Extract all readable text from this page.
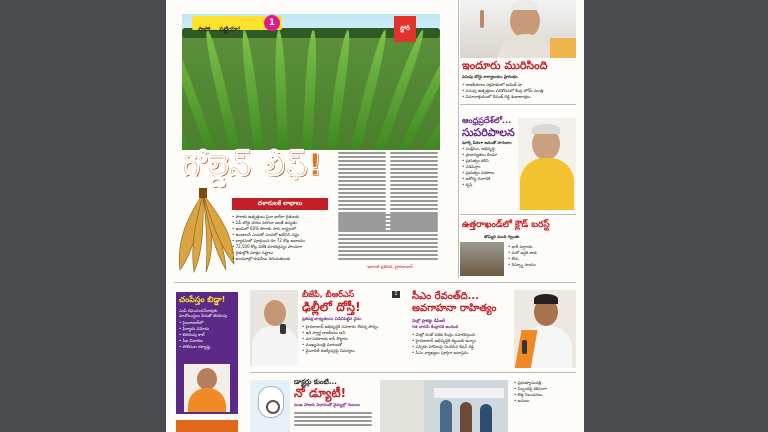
పాపో... పట్టియా!
1
స్టోరీ
గోల్డెన్ లీఫ్!
దళారులకే లాభాలు
• పొగాకు ఉత్పత్తులు పైనా భారీగా రైతులకు
• ఏపీ బోర్డు ధరలు పెరిగినా అంతే ఉన్నతం
• ఇందులో 60% పొగాకు సాగు రాష్ట్రంలో
• ఉండాలనే ఎందుకో ఎందుకో అదేనిని నష్టం
• బ్యారనులో పూర్తయిన రూ.72 కోట్ల ఆదాయం
• 72,500 కోట్ల విదేశీ మారకద్రవ్యం పొందుగా
• రైతుల్లోకి మాత్రం నష్టాలు
• అంచనాల్లో కంపెనీలు దిగుమతులకు
-ఇలాంటి ప్రతినిధి, హైదరాబాద్
ఇందూరు మురిసింది
పసుపు బోర్డు కార్యాలయం ప్రారంభం
• రాజకీయాలు పక్షపాతంలో అమిత్ షా
• పసుపు ఉత్పత్తులు పరిశోధనలో కేంద్ర హోమ్ మంత్రి
• విమానాశ్రయంలో రేవంత్ రెడ్డి శుభాకాంక్షలు
ఆంధ్రప్రదేశ్‌లో...
సుపరిపాలన
మార్పే పేరుగా జనంతో సాగుదాం
• సంక్షేమం, అభివృద్ధి
• ప్రాధాన్యతలు రెండూ
• ప్రభుత్వం కలిసి
• నడిపిస్తాం
• ప్రభుత్వం పథకాలు
• ఆరోగ్య రంగానికి
• కృషి
ఉత్తరాఖండ్‌లో క్లౌడ్ బరస్ట్
తొమ్మిది మంది గల్లంతు
• భారీ వర్షాలకు
• మరో ఇద్దరి జాడ
• లేదు
• రెస్క్యూ సాయం
చంపేస్తం బిడ్డా!
ఎంపీ రఘునందన్‌రావుకు మావోయిస్టుల పేరుతో బెదిరింపు
• సైబరాబాద్‌లో
• ఫిర్యాదు నమోదు
• బెదిరింపు కాల్
• సీఐ విచారణ
• పోలీసుల దర్యాప్తు
బీజేపీ, బీఆర్‌ఎస్	1
ఢిల్లీలో దోస్తీ!
ప్రతిపక్ష బాధ్యతలను విడిచిపెట్టిన వైనం
• హైదరాబాద్ అభివృద్ధికి సహకారం లేదన్న పొన్నం
• ఇది స్వార్థ రాజకీయం అని
• మా పథకాలకు కాపీ కొట్టారు
• ముఖ్యమంత్రి మాటలతో
• మైనారిటీ రిజర్వేషన్లపై విమర్శలు
సీఎం రేవంత్‌ది...
అవగాహనా రాహిత్యం
మెట్రో ప్రాజెక్టు డీపీఆర్
గత వారమే కేంద్రానికి అందింది
• మెట్రో రెండో దశకు కేంద్రం సహకరిస్తుంది
• హైదరాబాద్ అభివృద్ధికి కట్టుబడి ఉన్నాం
• ఎన్నికల హామీలపై నిలదీసిన కిషన్ రెడ్డి
• సీఎం వ్యాఖ్యలు పూర్తిగా అవాస్తవం
డాక్టర్లు కుంటి...
నో డ్యూటీ!
ముఖ హాజరు విధానంతో వైద్యుల్లో గుబులు
• ప్రభుత్వాసుపత్రి
• సిబ్బందిపై కఠినంగా
• కొత్త నిబంధనలు
• అమలు
